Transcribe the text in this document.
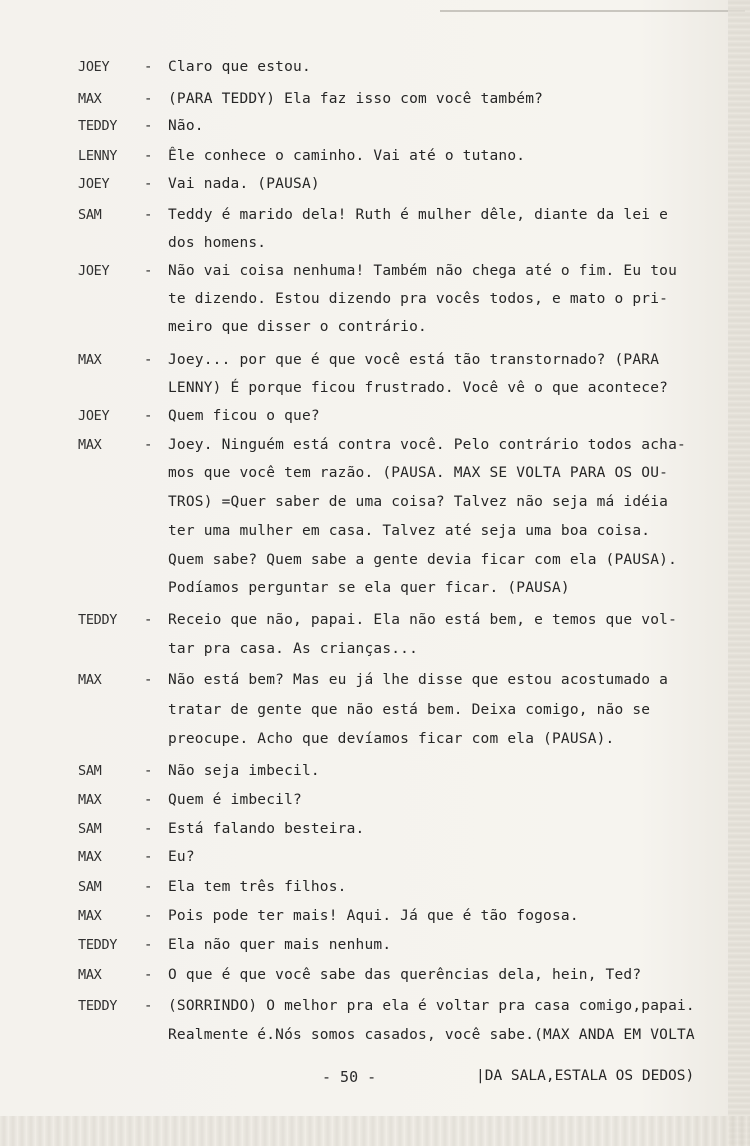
JOEY - Claro que estou.
MAX	- (PARA TEDDY) Ela faz isso com você também?
TEDDY - Não.
LENNY - Êle conhece o caminho. Vai até o tutano.
JOEY - Vai nada. (PAUSA)
SAM	- Teddy é marido dela! Ruth é mulher dêle, diante da lei e
dos homens.
JOEY - Não vai coisa nenhuma! Também não chega até o fim. Eu tou
te dizendo. Estou dizendo pra vocês todos, e mato o pri-
meiro que disser o contrário.
MAX	- Joey... por que é que você está tão transtornado? (PARA
LENNY) É porque ficou frustrado. Você vê o que acontece?
JOEY - Quem ficou o que?
MAX	- Joey. Ninguém está contra você. Pelo contrário todos acha-
mos que você tem razão. (PAUSA. MAX SE VOLTA PARA OS OU-
TROS) =Quer saber de uma coisa? Talvez não seja má idéia
ter uma mulher em casa. Talvez até seja uma boa coisa.
Quem sabe? Quem sabe a gente devia ficar com ela (PAUSA).
Podíamos perguntar se ela quer ficar. (PAUSA)
TEDDY - Receio que não, papai. Ela não está bem, e temos que vol-
tar pra casa. As crianças...
MAX	- Não está bem? Mas eu já lhe disse que estou acostumado a
tratar de gente que não está bem. Deixa comigo, não se
preocupe. Acho que devíamos ficar com ela (PAUSA).
SAM	- Não seja imbecil.
MAX	- Quem é imbecil?
SAM	- Está falando besteira.
MAX	- Eu?
SAM	- Ela tem três filhos.
MAX	- Pois pode ter mais! Aqui. Já que é tão fogosa.
TEDDY - Ela não quer mais nenhum.
MAX	- O que é que você sabe das querências dela, hein, Ted?
TEDDY - (SORRINDO) O melhor pra ela é voltar pra casa comigo,papai.
Realmente é.Nós somos casados, você sabe.(MAX ANDA EM VOLTA
- 50 -	|DA SALA,ESTALA OS DEDOS)
